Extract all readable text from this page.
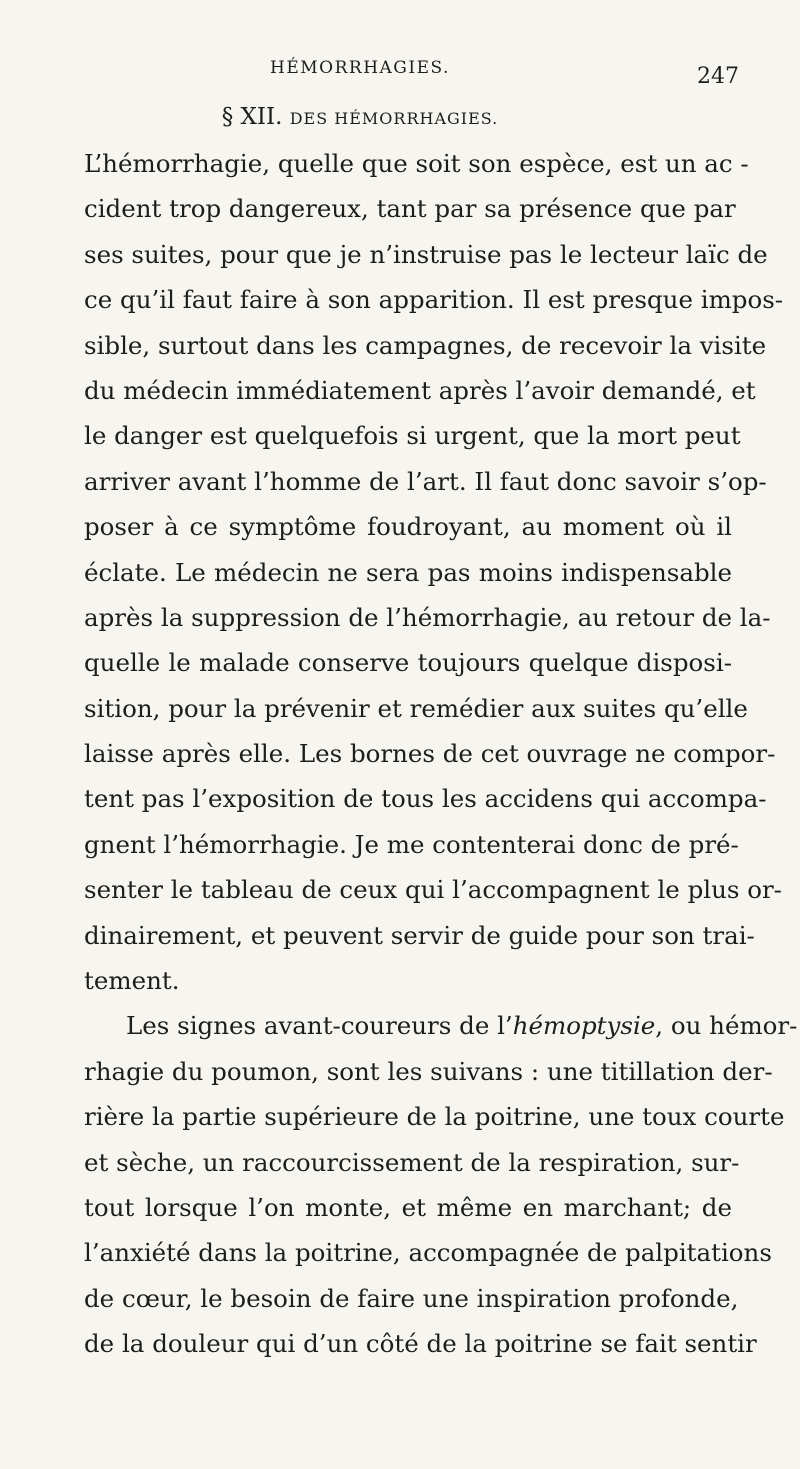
HÉMORRHAGIES.	247
§ XII. DES HÉMORRHAGIES.
L’hémorrhagie, quelle que soit son espèce, est un ac -
cident trop dangereux, tant par sa présence que par
ses suites, pour que je n’instruise pas le lecteur laïc de
ce qu’il faut faire à son apparition. Il est presque impos-
sible, surtout dans les campagnes, de recevoir la visite
du médecin immédiatement après l’avoir demandé, et
le danger est quelquefois si urgent, que la mort peut
arriver avant l’homme de l’art. Il faut donc savoir s’op-
poser à ce symptôme foudroyant, au moment où il
éclate. Le médecin ne sera pas moins indispensable
après la suppression de l’hémorrhagie, au retour de la-
quelle le malade conserve toujours quelque disposi-
sition, pour la prévenir et remédier aux suites qu’elle
laisse après elle. Les bornes de cet ouvrage ne compor-
tent pas l’exposition de tous les accidens qui accompa-
gnent l’hémorrhagie. Je me contenterai donc de pré-
senter le tableau de ceux qui l’accompagnent le plus or-
dinairement, et peuvent servir de guide pour son trai-
tement.
Les signes avant-coureurs de l’hémoptysie, ou hémor-
rhagie du poumon, sont les suivans : une titillation der-
rière la partie supérieure de la poitrine, une toux courte
et sèche, un raccourcissement de la respiration, sur-
tout lorsque l’on monte, et même en marchant; de
l’anxiété dans la poitrine, accompagnée de palpitations
de cœur, le besoin de faire une inspiration profonde,
de la douleur qui d’un côté de la poitrine se fait sentir
